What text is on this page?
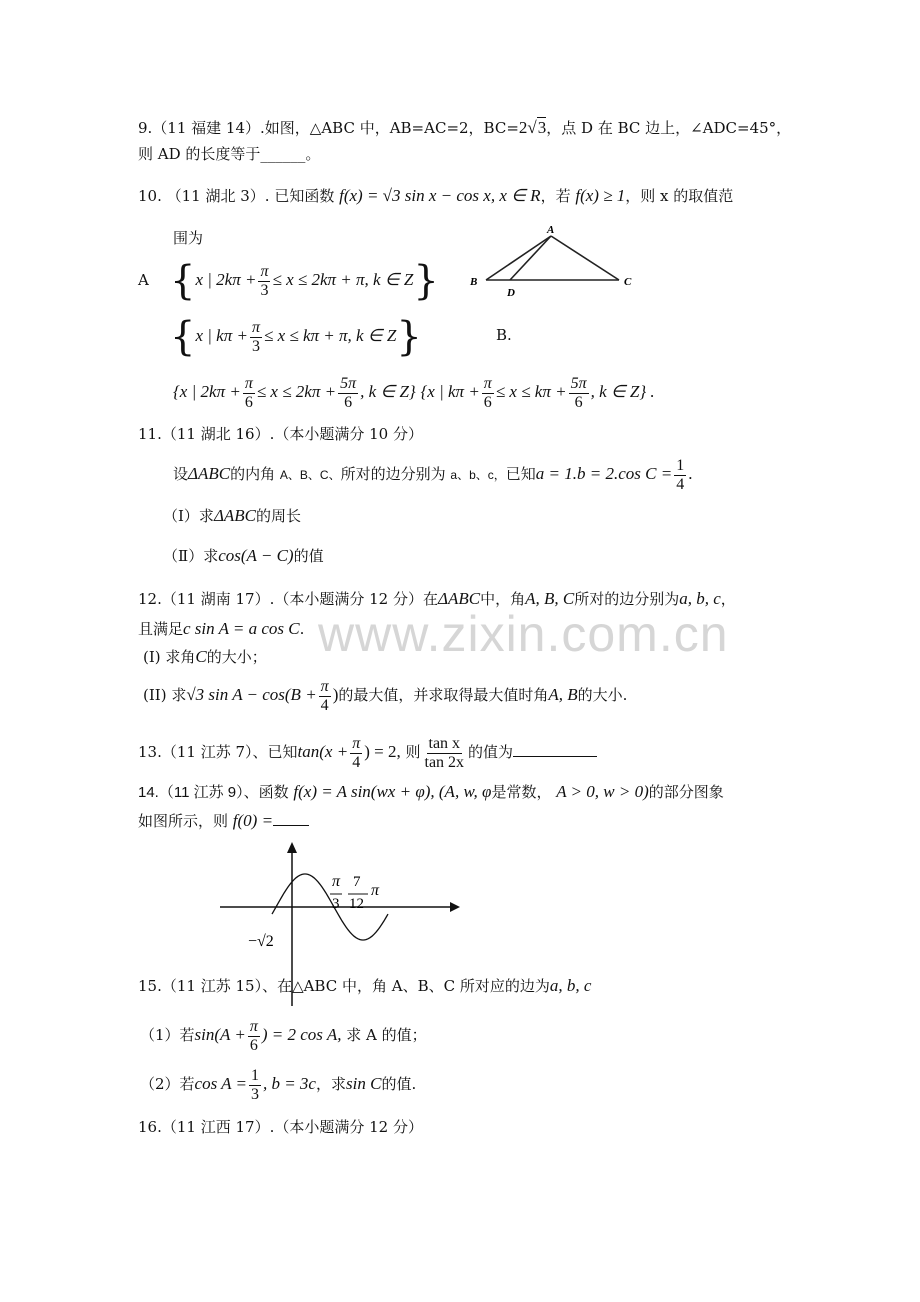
www.zixin.com.cn
9.（11 福建 14）.如图，△ABC 中，AB=AC=2，BC=2√3，点 D 在 BC 边上，∠ADC=45°，
则 AD 的长度等于______。
10. （11 湖北 3）. 已知函数 f(x) = √3 sin x − cos x, x ∈ R，若 f(x) ≥ 1，则 x 的取值范
围为
A {x | $2k\pi + \frac{\pi}{3} \le x \le 2k\pi + \pi$, k ∈ Z}
{x | $k\pi + \frac{\pi}{3} \le x \le k\pi + \pi$, k ∈ Z}	B.
{x | $2k\pi + \frac{\pi}{6} \le x \le 2k\pi + \frac{5\pi}{6}$ , k ∈ Z} {x | $k\pi + \frac{\pi}{6} \le x \le k\pi + \frac{5\pi}{6}$ , k ∈ Z} .
A
B	C
D
11.（11 湖北 16）.（本小题满分 10 分）
设ΔABC的内角 A、B、C、所对的边分别为 a、b、c，已知a = 1.b = 2.cos $C = \frac{1}{4}$ .
（Ⅰ）求ΔABC的周长
（Ⅱ）求cos(A − C)的值
12.（11 湖南 17）.（本小题满分 12 分）在ΔABC中，角A, B, C所对的边分别为a, b, c，
且满足c sin A = a cos C.
(I) 求角C的大小；
(II) 求√3 $\sin A - \cos(B + \frac{\pi}{4}$ )的最大值，并求取得最大值时角A, B的大小.
13.（11 江苏 7）、已知$\tan(x + \frac{\pi}{4}$ ) = 2, 则 $\frac{\text{tan x}}{\tan 2x}$ 的值为
14.（11 江苏 9）、函数 f(x) = A sin(wx + φ), (A, w, φ是常数， A > 0, w > 0)的部分图象
如图所示，则 f(0) =
π
3
7
12
π
−√2
15.（11 江苏 15）、在△ABC 中，角 A、B、C 所对应的边为a, b, c
（1）若$\sin(A + \frac{\pi}{6}$ ) = 2 cos A, 求 A 的值；
（2）若$\cos A = \frac{1}{3}$ , b = 3c，求sin C的值.
16.（11 江西 17）.（本小题满分 12 分）
